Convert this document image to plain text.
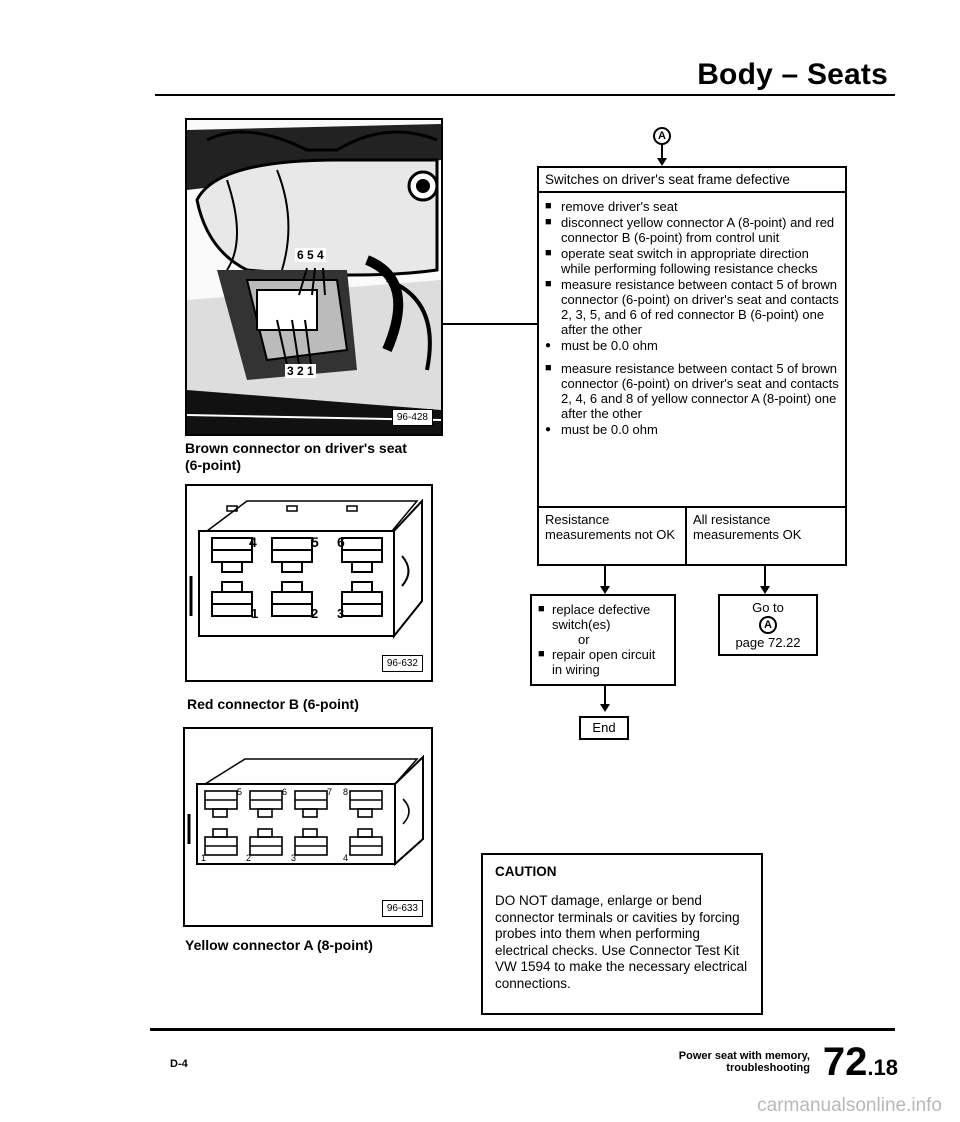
Body – Seats
6 5 4
3 2 1
96-428
Brown connector on driver's seat (6-point)
4	5 6
1	2 3
96-632
Red connector B (6-point)
5	6	7 8
1	2	3	4
96-633
Yellow connector A (8-point)
A
Switches on driver's seat frame defective
■ remove driver's seat
■ disconnect yellow connector A (8-point) and red connector B (6-point) from control unit
■ operate seat switch in appropriate direction while performing following resistance checks
■ measure resistance between contact 5 of brown connector (6-point) on driver's seat and contacts 2, 3, 5, and 6 of red connector B (6-point) one after the other
● must be 0.0 ohm
■ measure resistance between contact 5 of brown connector (6-point) on driver's seat and contacts 2, 4, 6 and 8 of yellow connector A (8-point) one after the other
● must be 0.0 ohm
Resistance measurements not OK
All resistance measurements OK
■ replace defective switch(es)
or
■ repair open circuit in wiring
Go to
A
page 72.22
End
CAUTION
DO NOT damage, enlarge or bend connector terminals or cavities by forcing probes into them when performing electrical checks. Use Connector Test Kit VW 1594 to make the necessary electrical connections.
D-4
Power seat with memory,
troubleshooting 72.18
carmanualsonline.info
